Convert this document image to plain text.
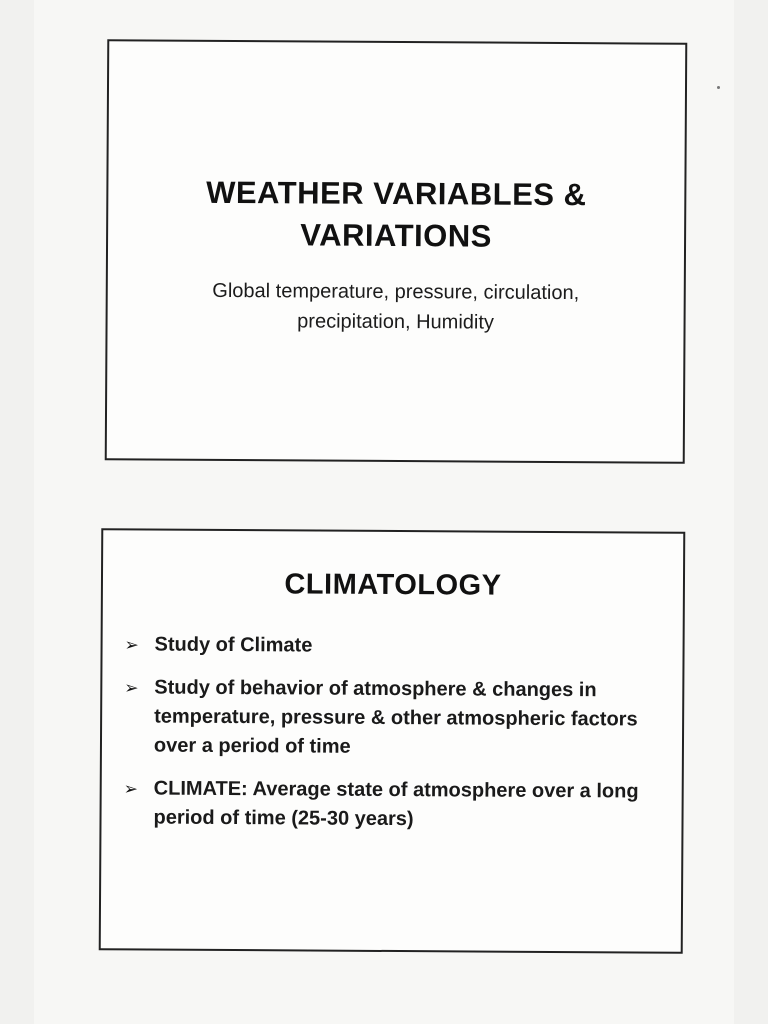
WEATHER VARIABLES & VARIATIONS
Global temperature, pressure, circulation, precipitation, Humidity
CLIMATOLOGY
➢ Study of Climate
➢ Study of behavior of atmosphere & changes in temperature, pressure & other atmospheric factors over a period of time
➢ CLIMATE: Average state of atmosphere over a long period of time (25-30 years)
